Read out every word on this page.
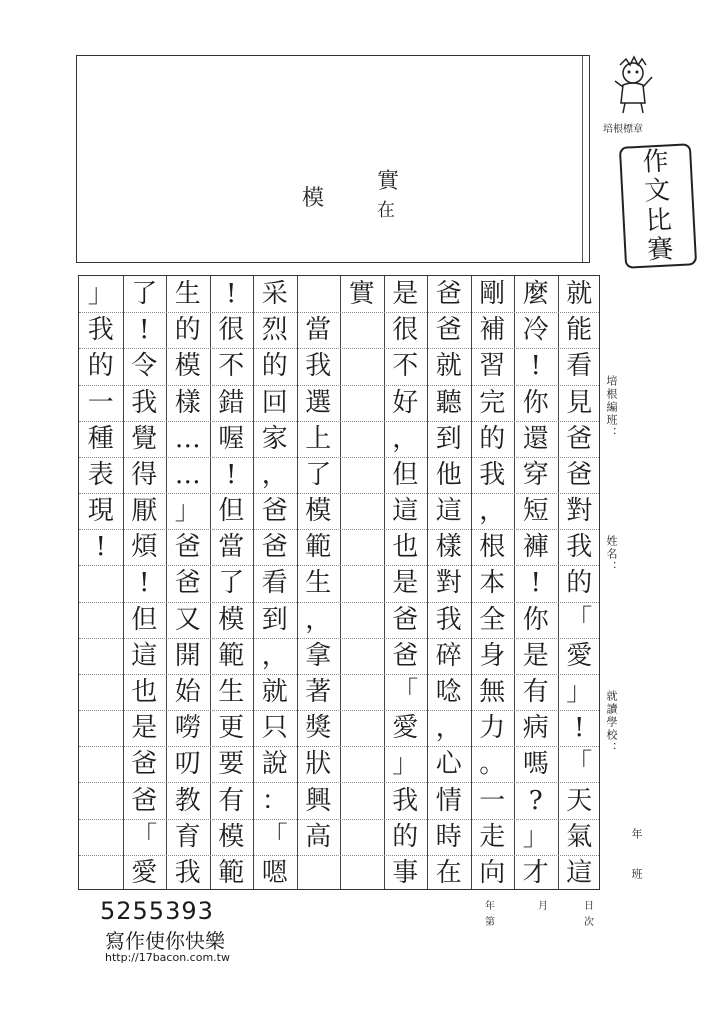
實
在
模
培根標章
作
文
比
賽
培根編班：
姓名：
就讀學校：
年
班
就
能
看
見
爸
爸
對
我
的
「
愛
」
!
「
天
氣
這
麼
冷
!
你
還
穿
短
褲
!
你
是
有
病
嗎
?
」
才
剛
補
習
完
的
我
，
根
本
全
身
無
力
。
一
走
向
爸
爸
就
聽
到
他
這
樣
對
我
碎
唸
，
心
情
時
在
是
很
不
好
，
但
這
也
是
爸
爸
「
愛
」
我
的
事
實
當
我
選
上
了
模
範
生
，
拿
著
獎
狀
興
高
采
烈
的
回
家
，
爸
爸
看
到
，
就
只
說
：
「
嗯
!
很
不
錯
喔
!
但
當
了
模
範
生
更
要
有
模
範
生
的
模
樣
…
…
」
爸
爸
又
開
始
嘮
叨
教
育
我
了
!
令
我
覺
得
厭
煩
!
但
這
也
是
爸
爸
「
愛
」
我
的
一
種
表
現
!
5255393
寫作使你快樂
http://17bacon.com.tw
年	月	日
第	次
